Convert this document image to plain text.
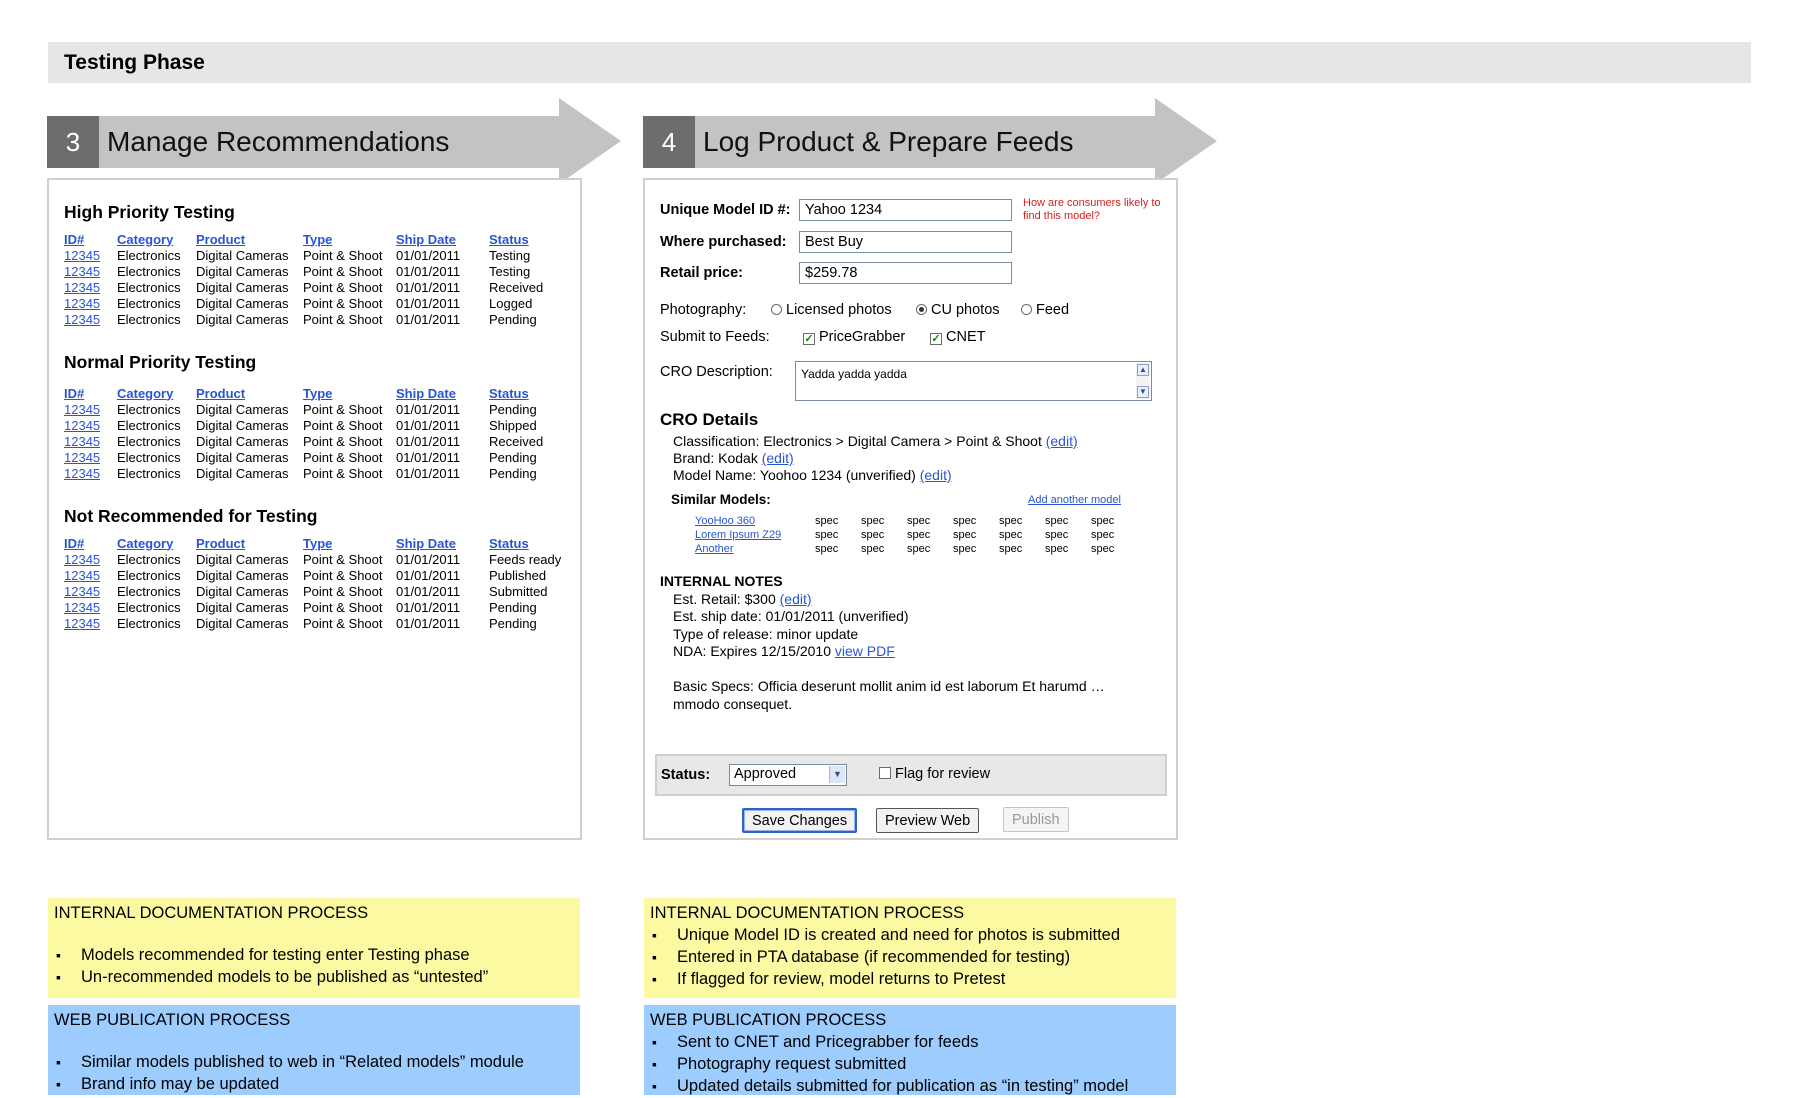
Testing Phase
3 Manage Recommendations	4 Log Product & Prepare Feeds
High Priority Testing
ID#	Category	Product	Type	Ship Date	Status
12345	Electronics	Digital Cameras	Point & Shoot	01/01/2011	Testing
12345	Electronics	Digital Cameras	Point & Shoot	01/01/2011	Testing
12345	Electronics	Digital Cameras	Point & Shoot	01/01/2011	Received
12345	Electronics	Digital Cameras	Point & Shoot	01/01/2011	Logged
12345	Electronics	Digital Cameras	Point & Shoot	01/01/2011	Pending
Normal Priority Testing
ID#	Category	Product	Type	Ship Date	Status
12345	Electronics	Digital Cameras	Point & Shoot	01/01/2011	Pending
12345	Electronics	Digital Cameras	Point & Shoot	01/01/2011	Shipped
12345	Electronics	Digital Cameras	Point & Shoot	01/01/2011	Received
12345	Electronics	Digital Cameras	Point & Shoot	01/01/2011	Pending
12345	Electronics	Digital Cameras	Point & Shoot	01/01/2011	Pending
Not Recommended for Testing
ID#	Category	Product	Type	Ship Date	Status
12345	Electronics	Digital Cameras	Point & Shoot	01/01/2011	Feeds ready
12345	Electronics	Digital Cameras	Point & Shoot	01/01/2011	Published
12345	Electronics	Digital Cameras	Point & Shoot	01/01/2011	Submitted
12345	Electronics	Digital Cameras	Point & Shoot	01/01/2011	Pending
12345	Electronics	Digital Cameras	Point & Shoot	01/01/2011	Pending
Unique Model ID #:
Yahoo 1234	How are consumers likely to find this model?
Where purchased:
Best Buy
Retail price:
$259.78
Photography:	Licensed photos	CU photos	Feed
Submit to Feeds:	✓ PriceGrabber ✓ CNET
CRO Description:	Yadda yadda yadda	▲
▼
CRO Details
Classification: Electronics > Digital Camera > Point & Shoot (edit)
Brand: Kodak (edit)
Model Name: Yoohoo 1234 (unverified) (edit)
Similar Models:	Add another model
YooHoo 360	spec	spec	spec	spec	spec	spec	spec
Lorem Ipsum Z29	spec	spec	spec	spec	spec	spec	spec
Another	spec	spec	spec	spec	spec	spec	spec
INTERNAL NOTES
Est. Retail: $300 (edit)
Est. ship date: 01/01/2011 (unverified)
Type of release: minor update
NDA: Expires 12/15/2010 view PDF
Basic Specs: Officia deserunt mollit anim id est laborum Et harumd …
mmodo consequet.
Status:	Approved	▼	Flag for review
Save Changes	Preview Web	Publish
INTERNAL DOCUMENTATION PROCESS
▪ Models recommended for testing enter Testing phase
▪ Un-recommended models to be published as “untested”
WEB PUBLICATION PROCESS
▪ Similar models published to web in “Related models” module
▪ Brand info may be updated
INTERNAL DOCUMENTATION PROCESS
▪ Unique Model ID is created and need for photos is submitted
▪ Entered in PTA database (if recommended for testing)
▪ If flagged for review, model returns to Pretest
WEB PUBLICATION PROCESS
▪ Sent to CNET and Pricegrabber for feeds
▪ Photography request submitted
▪ Updated details submitted for publication as “in testing” model
